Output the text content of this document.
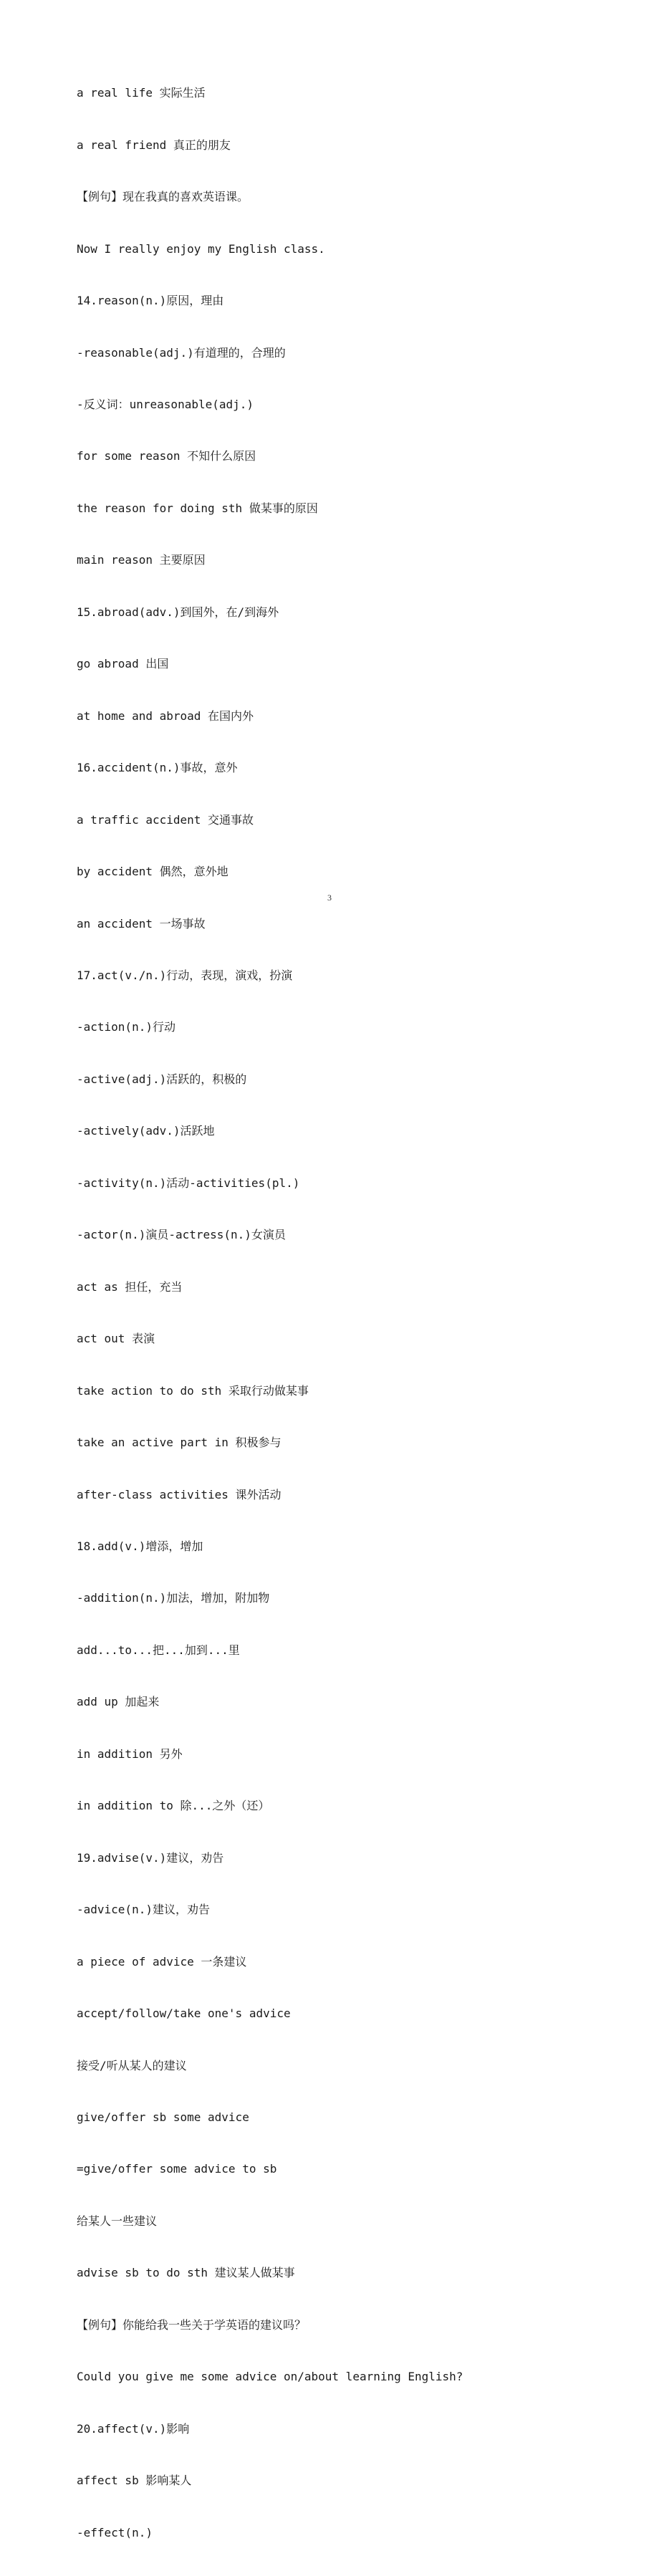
a real life 实际生活

a real friend 真正的朋友

【例句】现在我真的喜欢英语课。

Now I really enjoy my English class.

14.reason(n.)原因，理由

-reasonable(adj.)有道理的，合理的

-反义词：unreasonable(adj.)

for some reason 不知什么原因

the reason for doing sth 做某事的原因

main reason 主要原因

15.abroad(adv.)到国外，在/到海外

go abroad 出国

at home and abroad 在国内外

16.accident(n.)事故，意外

a traffic accident 交通事故

by accident 偶然，意外地

an accident 一场事故

17.act(v./n.)行动，表现，演戏，扮演

-action(n.)行动

-active(adj.)活跃的，积极的

-actively(adv.)活跃地

-activity(n.)活动-activities(pl.)

-actor(n.)演员-actress(n.)女演员

act as 担任，充当

act out 表演

take action to do sth 采取行动做某事

take an active part in 积极参与

after-class activities 课外活动

18.add(v.)增添，增加

-addition(n.)加法，增加，附加物

add...to...把...加到...里

add up 加起来

in addition 另外

in addition to 除...之外（还）

19.advise(v.)建议，劝告

-advice(n.)建议，劝告

a piece of advice 一条建议

accept/follow/take one's advice

接受/听从某人的建议

give/offer sb some advice

=give/offer some advice to sb

给某人一些建议

advise sb to do sth 建议某人做某事

【例句】你能给我一些关于学英语的建议吗？

Could you give me some advice on/about learning English?

20.affect(v.)影响

affect sb 影响某人

-effect(n.)

3
